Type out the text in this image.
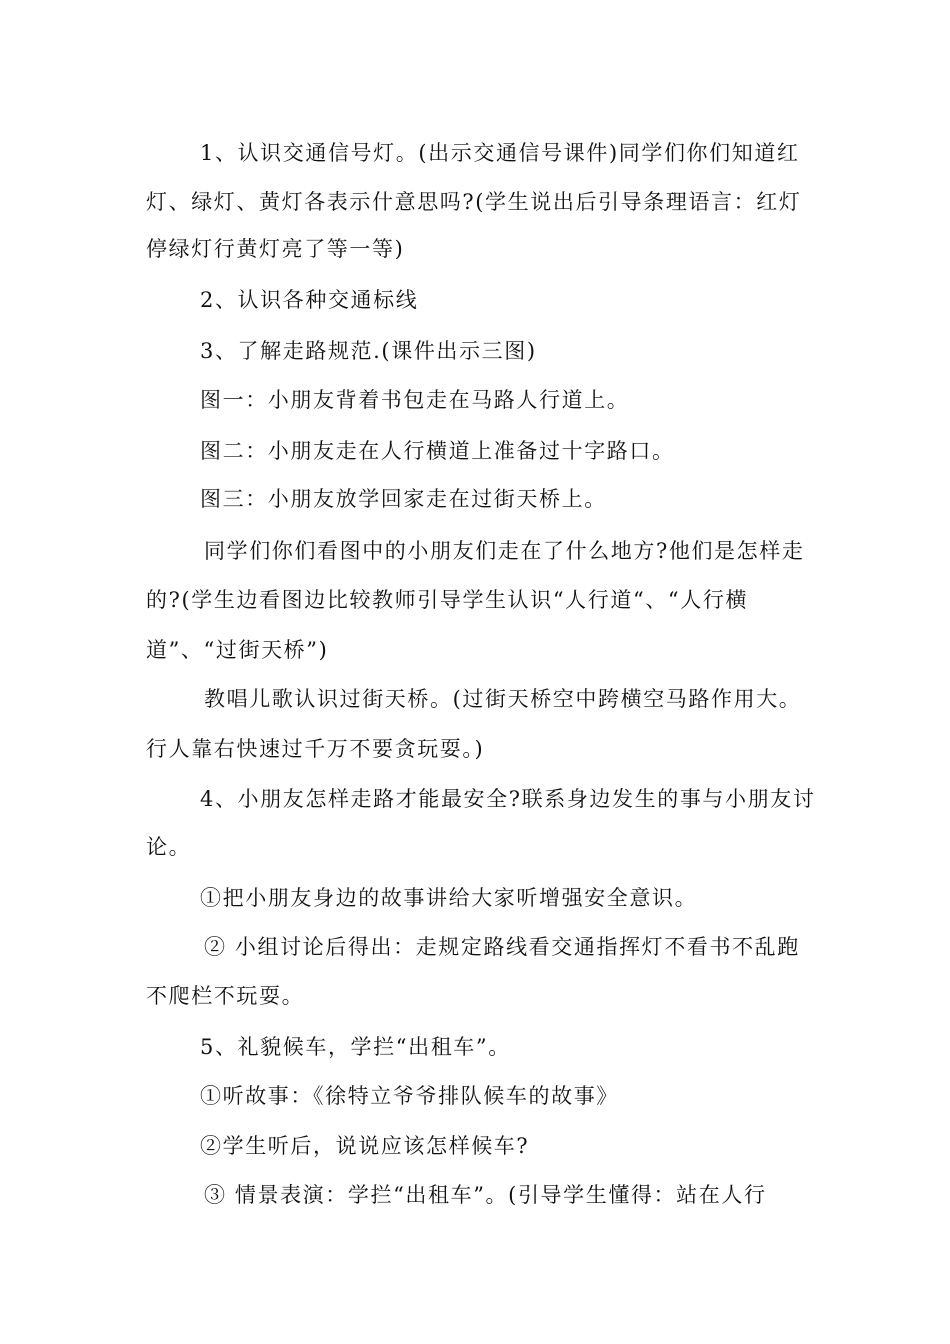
1、认识交通信号灯。(出示交通信号课件)同学们你们知道红
灯、绿灯、黄灯各表示什意思吗?(学生说出后引导条理语言：红灯
停绿灯行黄灯亮了等一等)
2、认识各种交通标线
3、了解走路规范.(课件出示三图)
图一：小朋友背着书包走在马路人行道上。
图二：小朋友走在人行横道上准备过十字路口。
图三：小朋友放学回家走在过街天桥上。
同学们你们看图中的小朋友们走在了什么地方?他们是怎样走
的?(学生边看图边比较教师引导学生认识“人行道“、“人行横
道”、“过街天桥”)
教唱儿歌认识过街天桥。(过街天桥空中跨横空马路作用大。
行人靠右快速过千万不要贪玩耍。)
4、小朋友怎样走路才能最安全?联系身边发生的事与小朋友讨
论。
①把小朋友身边的故事讲给大家听增强安全意识。
② 小组讨论后得出：走规定路线看交通指挥灯不看书不乱跑
不爬栏不玩耍。
5、礼貌候车，学拦“出租车”。
①听故事：《徐特立爷爷排队候车的故事》
②学生听后，说说应该怎样候车?
③ 情景表演：学拦“出租车”。(引导学生懂得：站在人行
